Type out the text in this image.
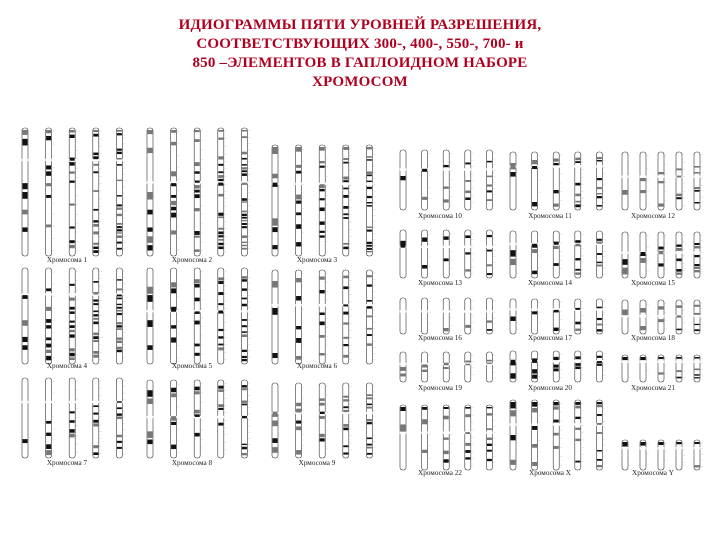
ИДИОГРАММЫ ПЯТИ УРОВНЕЙ РАЗРЕШЕНИЯ,
СООТВЕТСТВУЮЩИХ 300-, 400-, 550-, 700- и
850 –ЭЛЕМЕНТОВ В ГАПЛОИДНОМ НАБОРЕ
ХРОМОСОМ
Хромосома 1	Хромосома 2	Хромосома 3
Хромосома 4	Хромосома 5	Хромосома 6
Хромосома 7	Хромосома 8	Хрмосома 9
Хромосома 10	Хромосома 11	Хромосома 12
Хромосома 13	Хромосома 14	Хромосома 15
Хромосома 16	Хромосома 17	Хромосома 18
Хромосома 19	Хромосома 20	Хромосома 21
Хромосома 22	Хромосома X	Хромосома Y
